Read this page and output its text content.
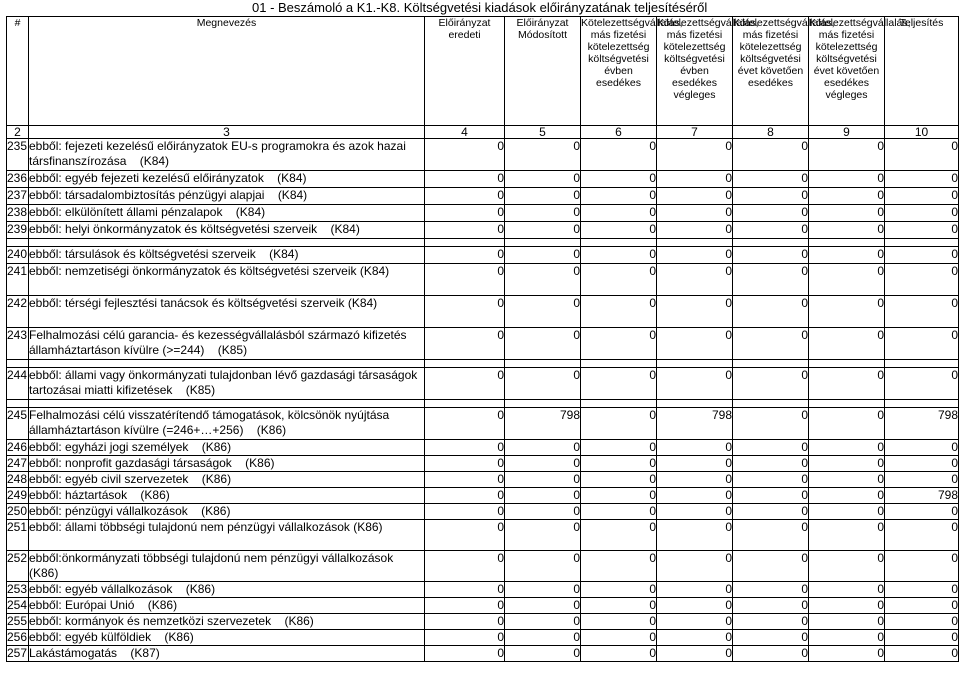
01 - Beszámoló a K1.-K8. Költségvetési kiadások előirányzatának teljesítéséről
#	Megnevezés	Előirányzat eredeti	Előirányzat Módosított	Kötelezettségvállalás, más fizetési kötelezettség költségvetési évben esedékes	Kötelezettségvállalás, más fizetési kötelezettség költségvetési évben esedékes végleges	Kötelezettségvállalás, más fizetési kötelezettség költségvetési évet követően esedékes	Kötelezettségvállalás, más fizetési kötelezettség költségvetési évet követően esedékes végleges	Teljesítés
2	3	4	5	6	7	8	9	10
235	ebből: fejezeti kezelésű előirányzatok EU-s programokra és azok hazai társfinanszírozása    (K84)	0	0	0	0	0	0	0
236	ebből: egyéb fejezeti kezelésű előirányzatok    (K84)	0	0	0	0	0	0	0
237	ebből: társadalombiztosítás pénzügyi alapjai    (K84)	0	0	0	0	0	0	0
238	ebből: elkülönített állami pénzalapok    (K84)	0	0	0	0	0	0	0
239	ebből: helyi önkormányzatok és költségvetési szerveik    (K84)	0	0	0	0	0	0	0

240	ebből: társulások és költségvetési szerveik    (K84)	0	0	0	0	0	0	0
241	ebből: nemzetiségi önkormányzatok és költségvetési szerveik (K84)	0	0	0	0	0	0	0
242	ebből: térségi fejlesztési tanácsok és költségvetési szerveik (K84)	0	0	0	0	0	0	0
243	Felhalmozási célú garancia- és kezességvállalásból származó kifizetés államháztartáson kívülre (>=244)    (K85)	0	0	0	0	0	0	0

244	ebből: állami vagy önkormányzati tulajdonban lévő gazdasági társaságok tartozásai miatti kifizetések    (K85)	0	0	0	0	0	0	0

245	Felhalmozási célú visszatérítendő támogatások, kölcsönök nyújtása államháztartáson kívülre (=246+…+256)    (K86)	0	798	0	798	0	0	798
246	ebből: egyházi jogi személyek    (K86)	0	0	0	0	0	0	0
247	ebből: nonprofit gazdasági társaságok    (K86)	0	0	0	0	0	0	0
248	ebből: egyéb civil szervezetek    (K86)	0	0	0	0	0	0	0
249	ebből: háztartások    (K86)	0	0	0	0	0	0	798
250	ebből: pénzügyi vállalkozások    (K86)	0	0	0	0	0	0	0
251	ebből: állami többségi tulajdonú nem pénzügyi vállalkozások (K86)	0	0	0	0	0	0	0
252	ebből:önkormányzati többségi tulajdonú nem pénzügyi vállalkozások    (K86)	0	0	0	0	0	0	0
253	ebből: egyéb vállalkozások    (K86)	0	0	0	0	0	0	0
254	ebből: Európai Unió    (K86)	0	0	0	0	0	0	0
255	ebből: kormányok és nemzetközi szervezetek    (K86)	0	0	0	0	0	0	0
256	ebből: egyéb külföldiek    (K86)	0	0	0	0	0	0	0
257	Lakástámogatás    (K87)	0	0	0	0	0	0	0
